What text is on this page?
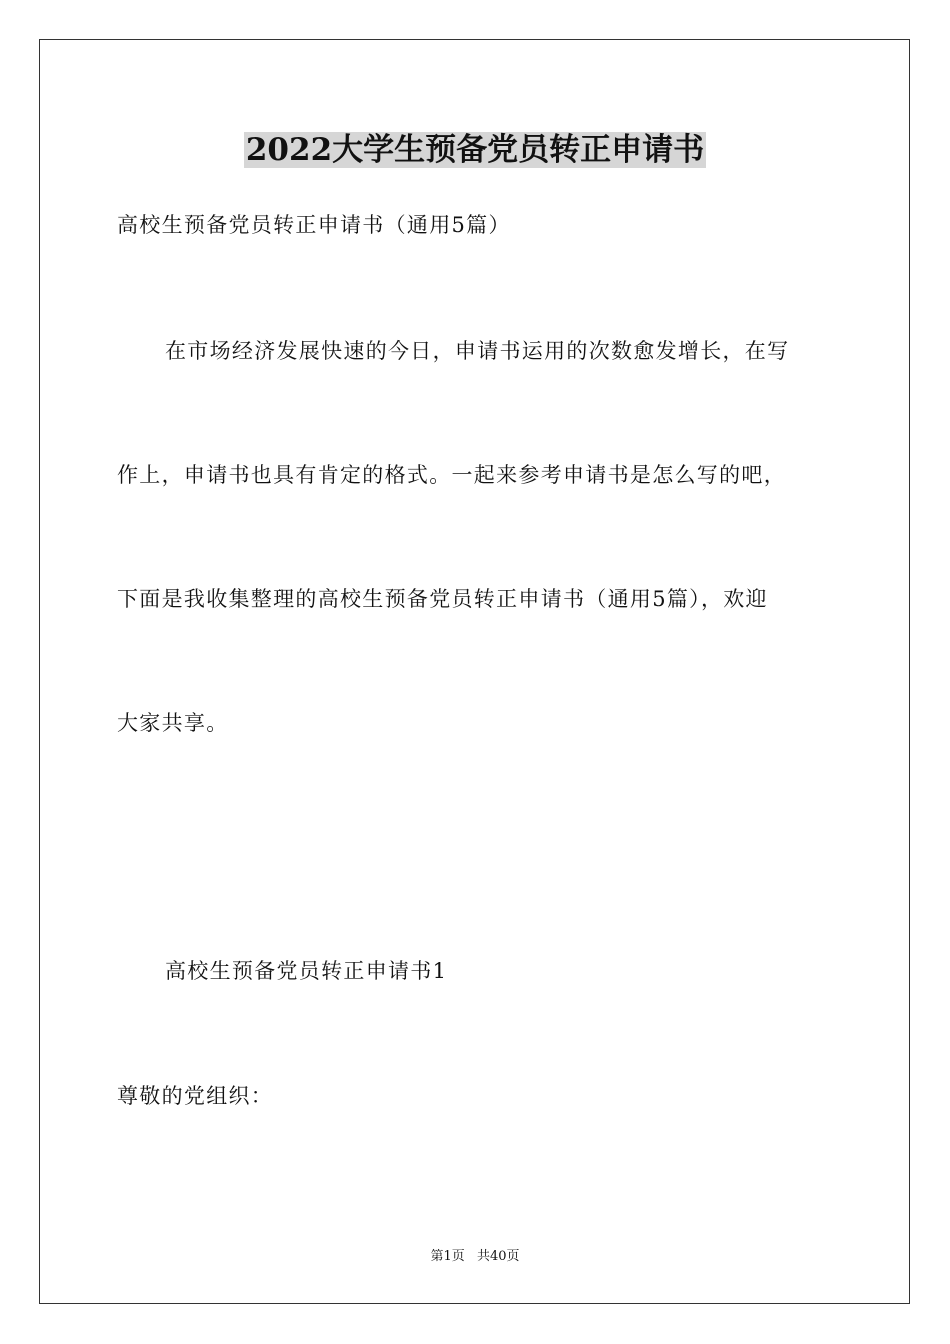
2022大学生预备党员转正申请书

高校生预备党员转正申请书（通用5篇）

在市场经济发展快速的今日，申请书运用的次数愈发增长，在写

作上，申请书也具有肯定的格式。一起来参考申请书是怎么写的吧，

下面是我收集整理的高校生预备党员转正申请书（通用5篇），欢迎

大家共享。

高校生预备党员转正申请书1

尊敬的党组织：

第1页 共40页
